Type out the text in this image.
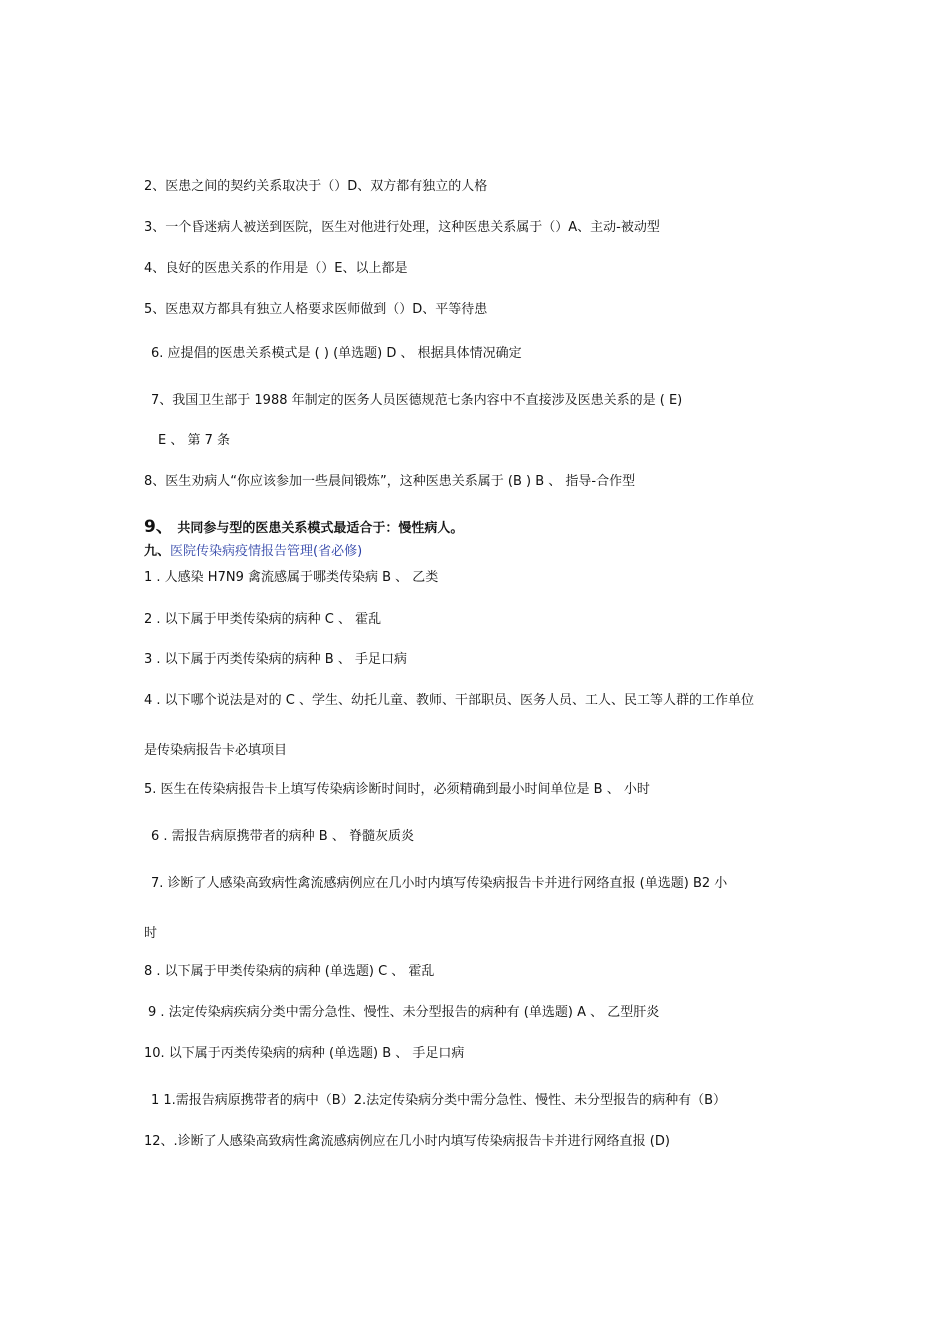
2、医患之间的契约关系取决于（）D、双方都有独立的人格
3、一个昏迷病人被送到医院，医生对他进行处理，这种医患关系属于（）A、主动-被动型
4、良好的医患关系的作用是（）E、以上都是
5、医患双方都具有独立人格要求医师做到（）D、平等待患
6. 应提倡的医患关系模式是 ( ) (单选题) D 、 根据具体情况确定
7、我国卫生部于 1988 年制定的医务人员医德规范七条内容中不直接涉及医患关系的是 ( E)
E 、 第 7 条
8、医生劝病人“你应该参加一些晨间锻炼”，这种医患关系属于 (B ) B 、 指导-合作型
9、 共同参与型的医患关系模式最适合于：慢性病人。
九、医院传染病疫情报告管理(省必修)
1 . 人感染 H7N9 禽流感属于哪类传染病 B 、 乙类
2 . 以下属于甲类传染病的病种 C 、 霍乱
3 . 以下属于丙类传染病的病种 B 、 手足口病
4 . 以下哪个说法是对的 C 、学生、幼托儿童、教师、干部职员、医务人员、工人、民工等人群的工作单位
是传染病报告卡必填项目
5. 医生在传染病报告卡上填写传染病诊断时间时，必须精确到最小时间单位是 B 、 小时
6 . 需报告病原携带者的病种 B 、 脊髓灰质炎
7. 诊断了人感染高致病性禽流感病例应在几小时内填写传染病报告卡并进行网络直报 (单选题) B2 小
时
8 . 以下属于甲类传染病的病种 (单选题) C 、 霍乱
9 . 法定传染病疾病分类中需分急性、慢性、未分型报告的病种有 (单选题) A 、 乙型肝炎
10. 以下属于丙类传染病的病种 (单选题) B 、 手足口病
1 1.需报告病原携带者的病中（B）2.法定传染病分类中需分急性、慢性、未分型报告的病种有（B）
12、.诊断了人感染高致病性禽流感病例应在几小时内填写传染病报告卡并进行网络直报 (D)
